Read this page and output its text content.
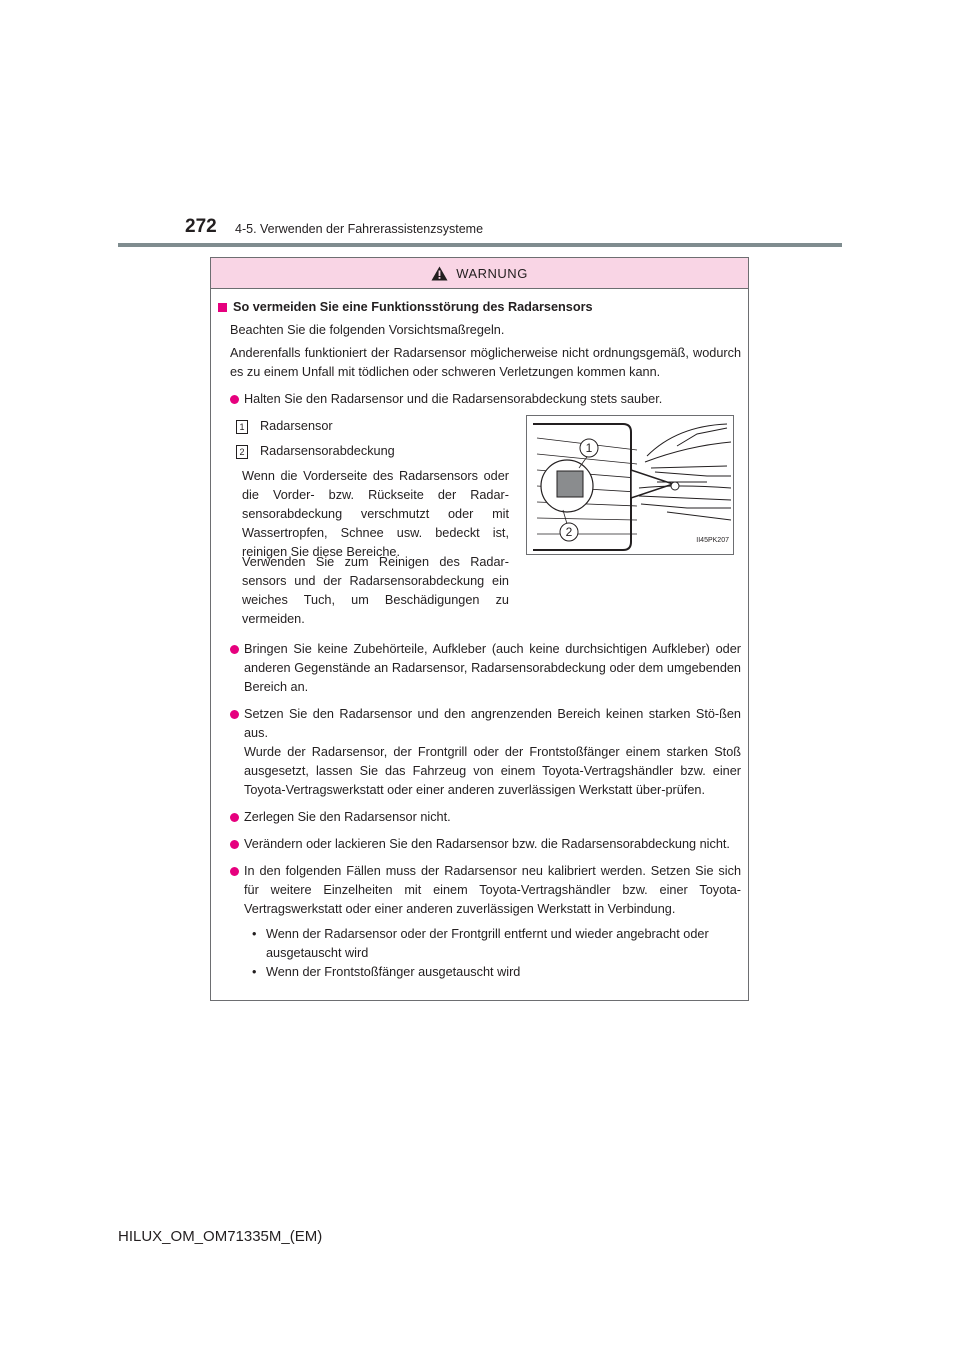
272 4-5. Verwenden der Fahrerassistenzsysteme
WARNUNG
So vermeiden Sie eine Funktionsstörung des Radarsensors
Beachten Sie die folgenden Vorsichtsmaßregeln.
Anderenfalls funktioniert der Radarsensor möglicherweise nicht ordnungsgemäß, wodurch es zu einem Unfall mit tödlichen oder schweren Verletzungen kommen kann.
Halten Sie den Radarsensor und die Radarsensorabdeckung stets sauber.
1 Radarsensor
2 Radarsensorabdeckung
Wenn die Vorderseite des Radarsensors oder die Vorder- bzw. Rückseite der Radar-sensorabdeckung verschmutzt oder mit Wassertropfen, Schnee usw. bedeckt ist, reinigen Sie diese Bereiche.
Verwenden Sie zum Reinigen des Radar-sensors und der Radarsensorabdeckung ein weiches Tuch, um Beschädigungen zu vermeiden.
1
2
II45PK207
Bringen Sie keine Zubehörteile, Aufkleber (auch keine durchsichtigen Aufkleber) oder anderen Gegenstände an Radarsensor, Radarsensorabdeckung oder dem umgebenden Bereich an.
Setzen Sie den Radarsensor und den angrenzenden Bereich keinen starken Stö-ßen aus.
Wurde der Radarsensor, der Frontgrill oder der Frontstoßfänger einem starken Stoß ausgesetzt, lassen Sie das Fahrzeug von einem Toyota-Vertragshändler bzw. einer Toyota-Vertragswerkstatt oder einer anderen zuverlässigen Werkstatt über-prüfen.
Zerlegen Sie den Radarsensor nicht.
Verändern oder lackieren Sie den Radarsensor bzw. die Radarsensorabdeckung nicht.
In den folgenden Fällen muss der Radarsensor neu kalibriert werden. Setzen Sie sich für weitere Einzelheiten mit einem Toyota-Vertragshändler bzw. einer Toyota-Vertragswerkstatt oder einer anderen zuverlässigen Werkstatt in Verbindung.
• Wenn der Radarsensor oder der Frontgrill entfernt und wieder angebracht oder ausgetauscht wird
• Wenn der Frontstoßfänger ausgetauscht wird
HILUX_OM_OM71335M_(EM)
